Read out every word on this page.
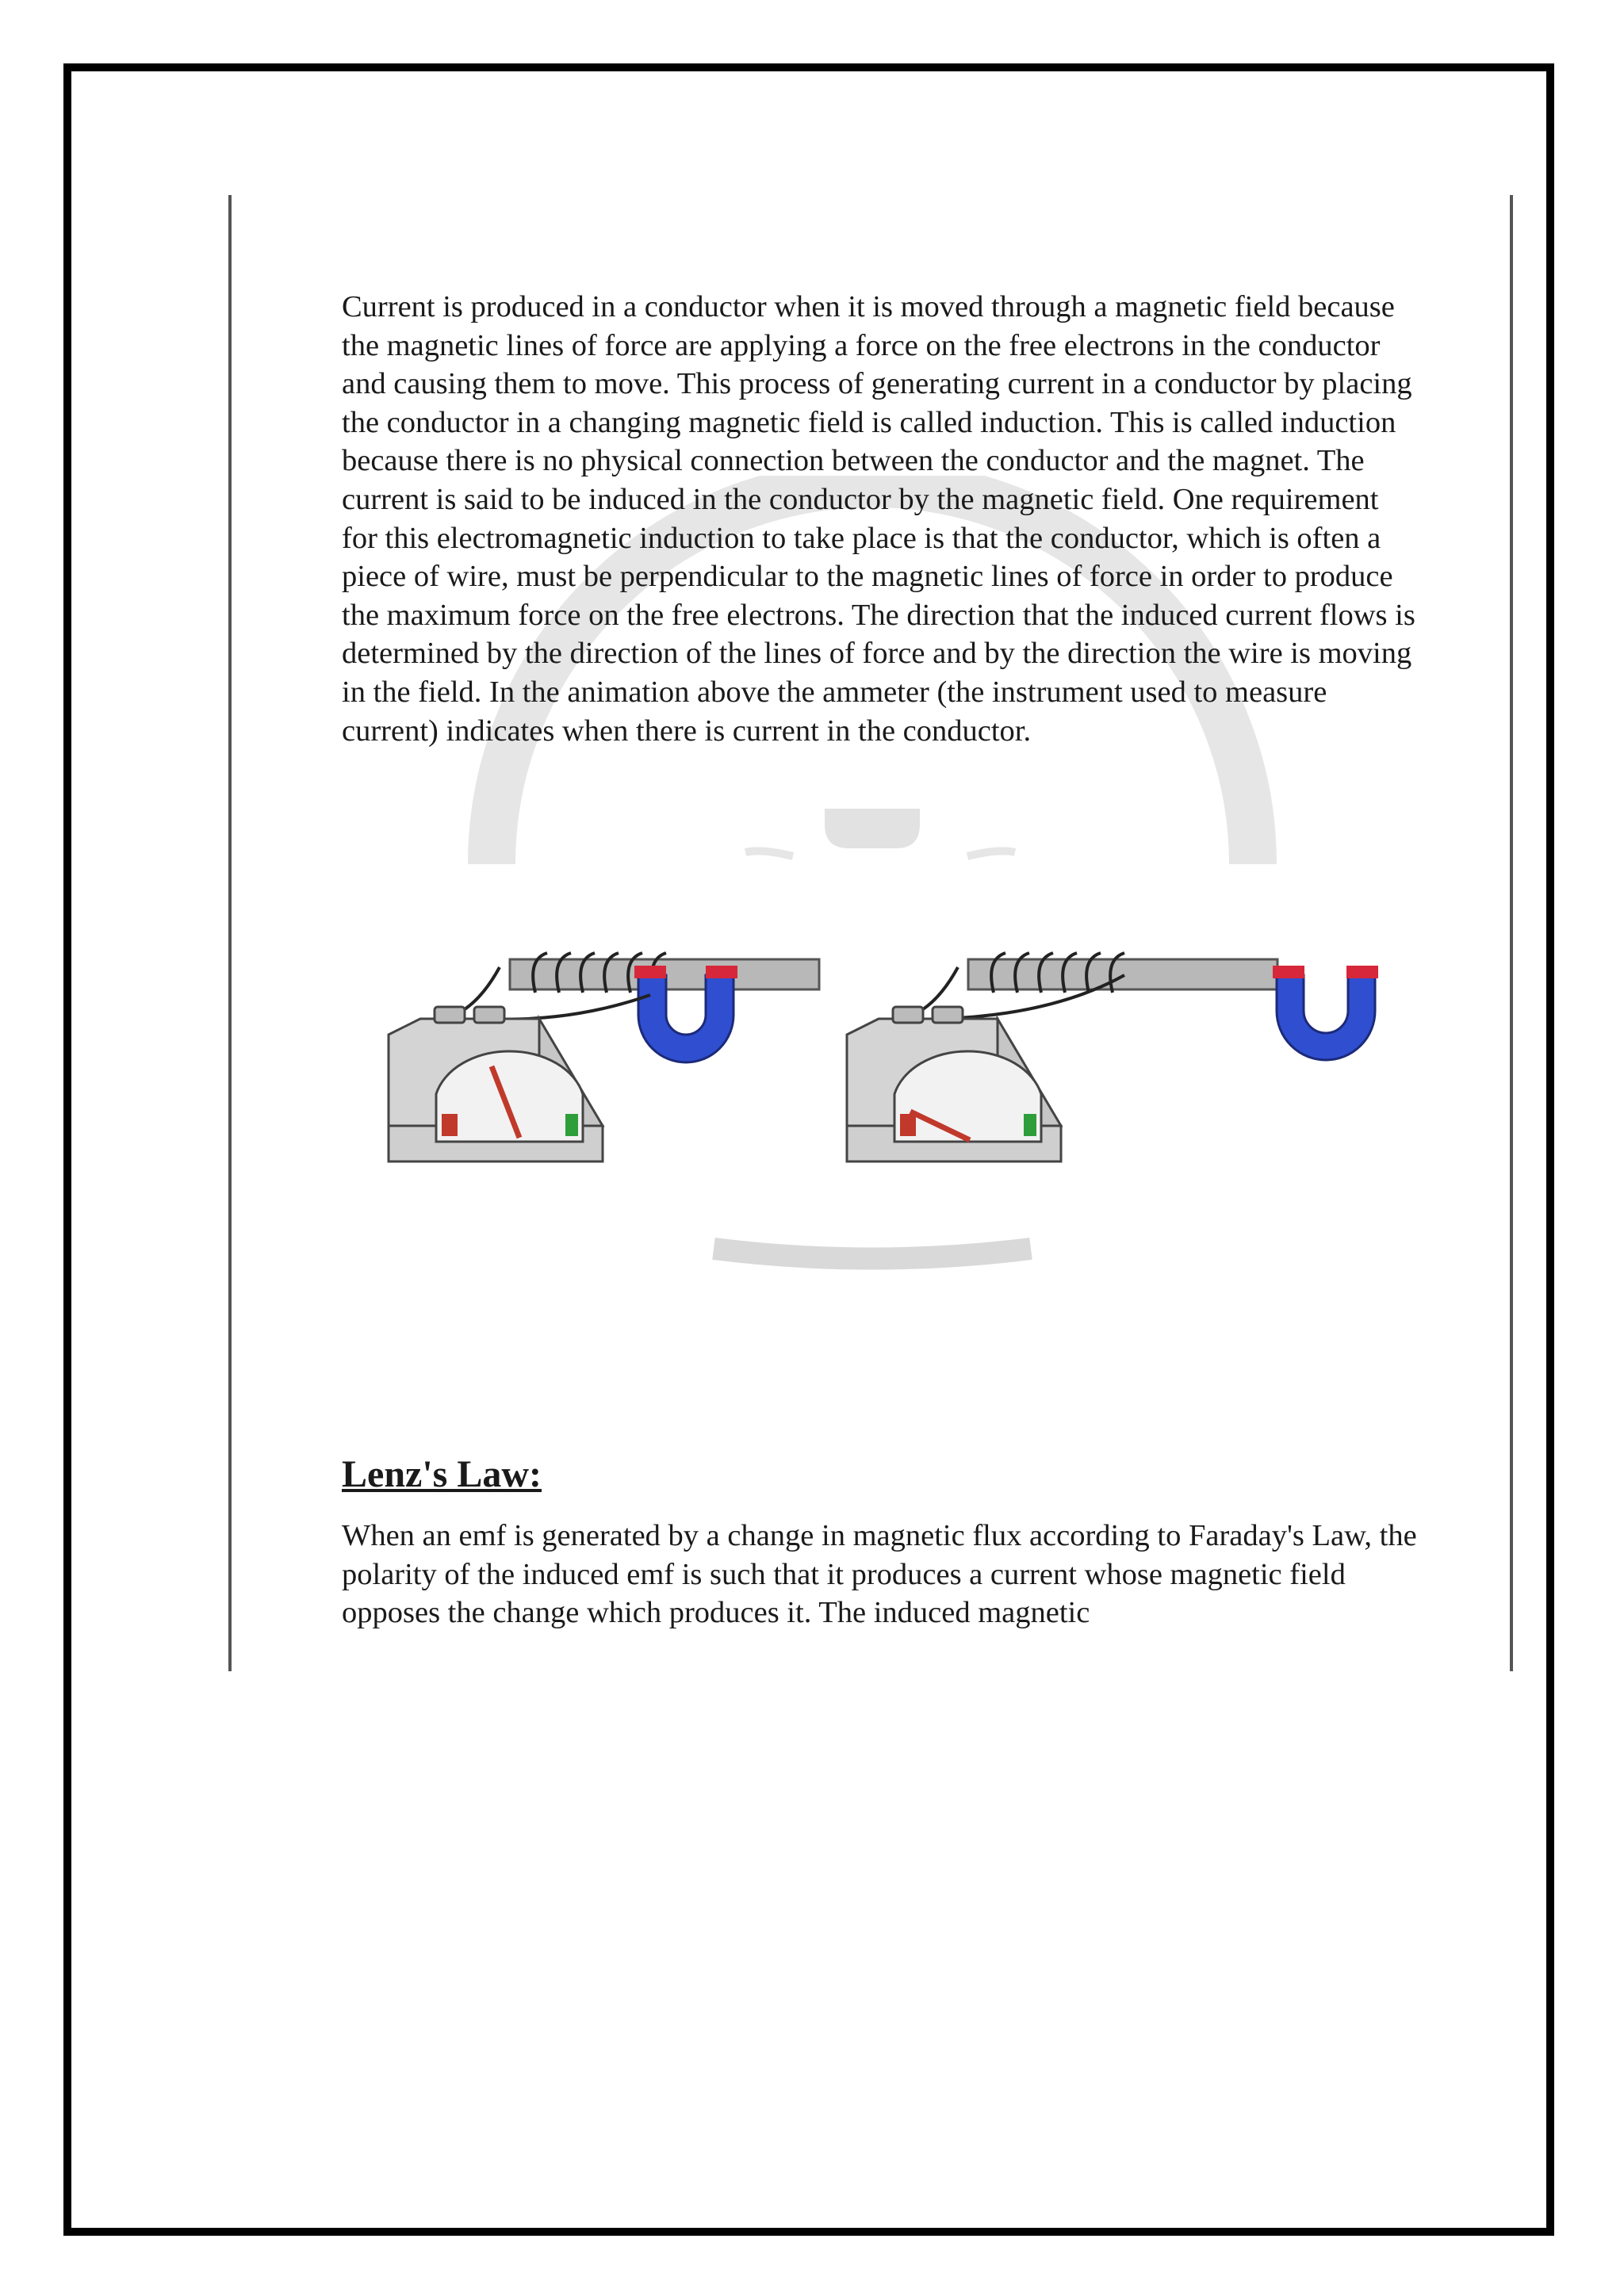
Current is produced in a conductor when it is moved through a magnetic field because the magnetic lines of force are applying a force on the free electrons in the conductor and causing them to move. This process of generating current in a conductor by placing the conductor in a changing magnetic field is called induction. This is called induction because there is no physical connection between the conductor and the magnet. The current is said to be induced in the conductor by the magnetic field. One requirement for this electromagnetic induction to take place is that the conductor, which is often a piece of wire, must be perpendicular to the magnetic lines of force in order to produce the maximum force on the free electrons. The direction that the induced current flows is determined by the direction of the lines of force and by the direction the wire is moving in the field. In the animation above the ammeter (the instrument used to measure current) indicates when there is current in the conductor.

Lenz's Law:

When an emf is generated by a change in magnetic flux according to Faraday's Law, the polarity of the induced emf is such that it produces a current whose magnetic field opposes the change which produces it. The induced magnetic
